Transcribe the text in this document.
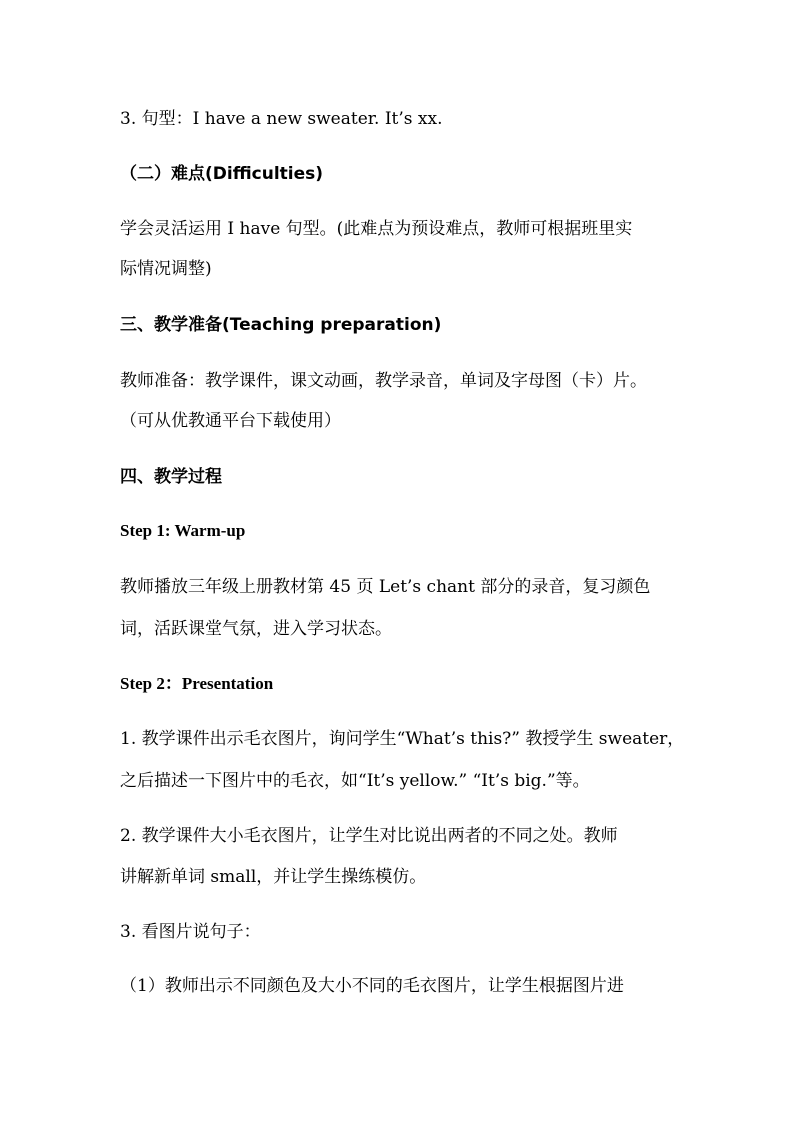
3. 句型：I have a new sweater. It’s xx.
（二）难点(Difficulties)
学会灵活运用 I have 句型。(此难点为预设难点，教师可根据班里实
际情况调整)
三、教学准备(Teaching preparation)
教师准备：教学课件，课文动画，教学录音，单词及字母图（卡）片。
（可从优教通平台下载使用）
四、教学过程
Step 1: Warm-up
教师播放三年级上册教材第 45 页 Let’s chant 部分的录音，复习颜色
词，活跃课堂气氛，进入学习状态。
Step 2：Presentation
1. 教学课件出示毛衣图片，询问学生“What’s this?” 教授学生 sweater，
之后描述一下图片中的毛衣，如“It’s yellow.” “It’s big.”等。
2. 教学课件大小毛衣图片，让学生对比说出两者的不同之处。教师
讲解新单词 small，并让学生操练模仿。
3. 看图片说句子：
（1）教师出示不同颜色及大小不同的毛衣图片，让学生根据图片进
